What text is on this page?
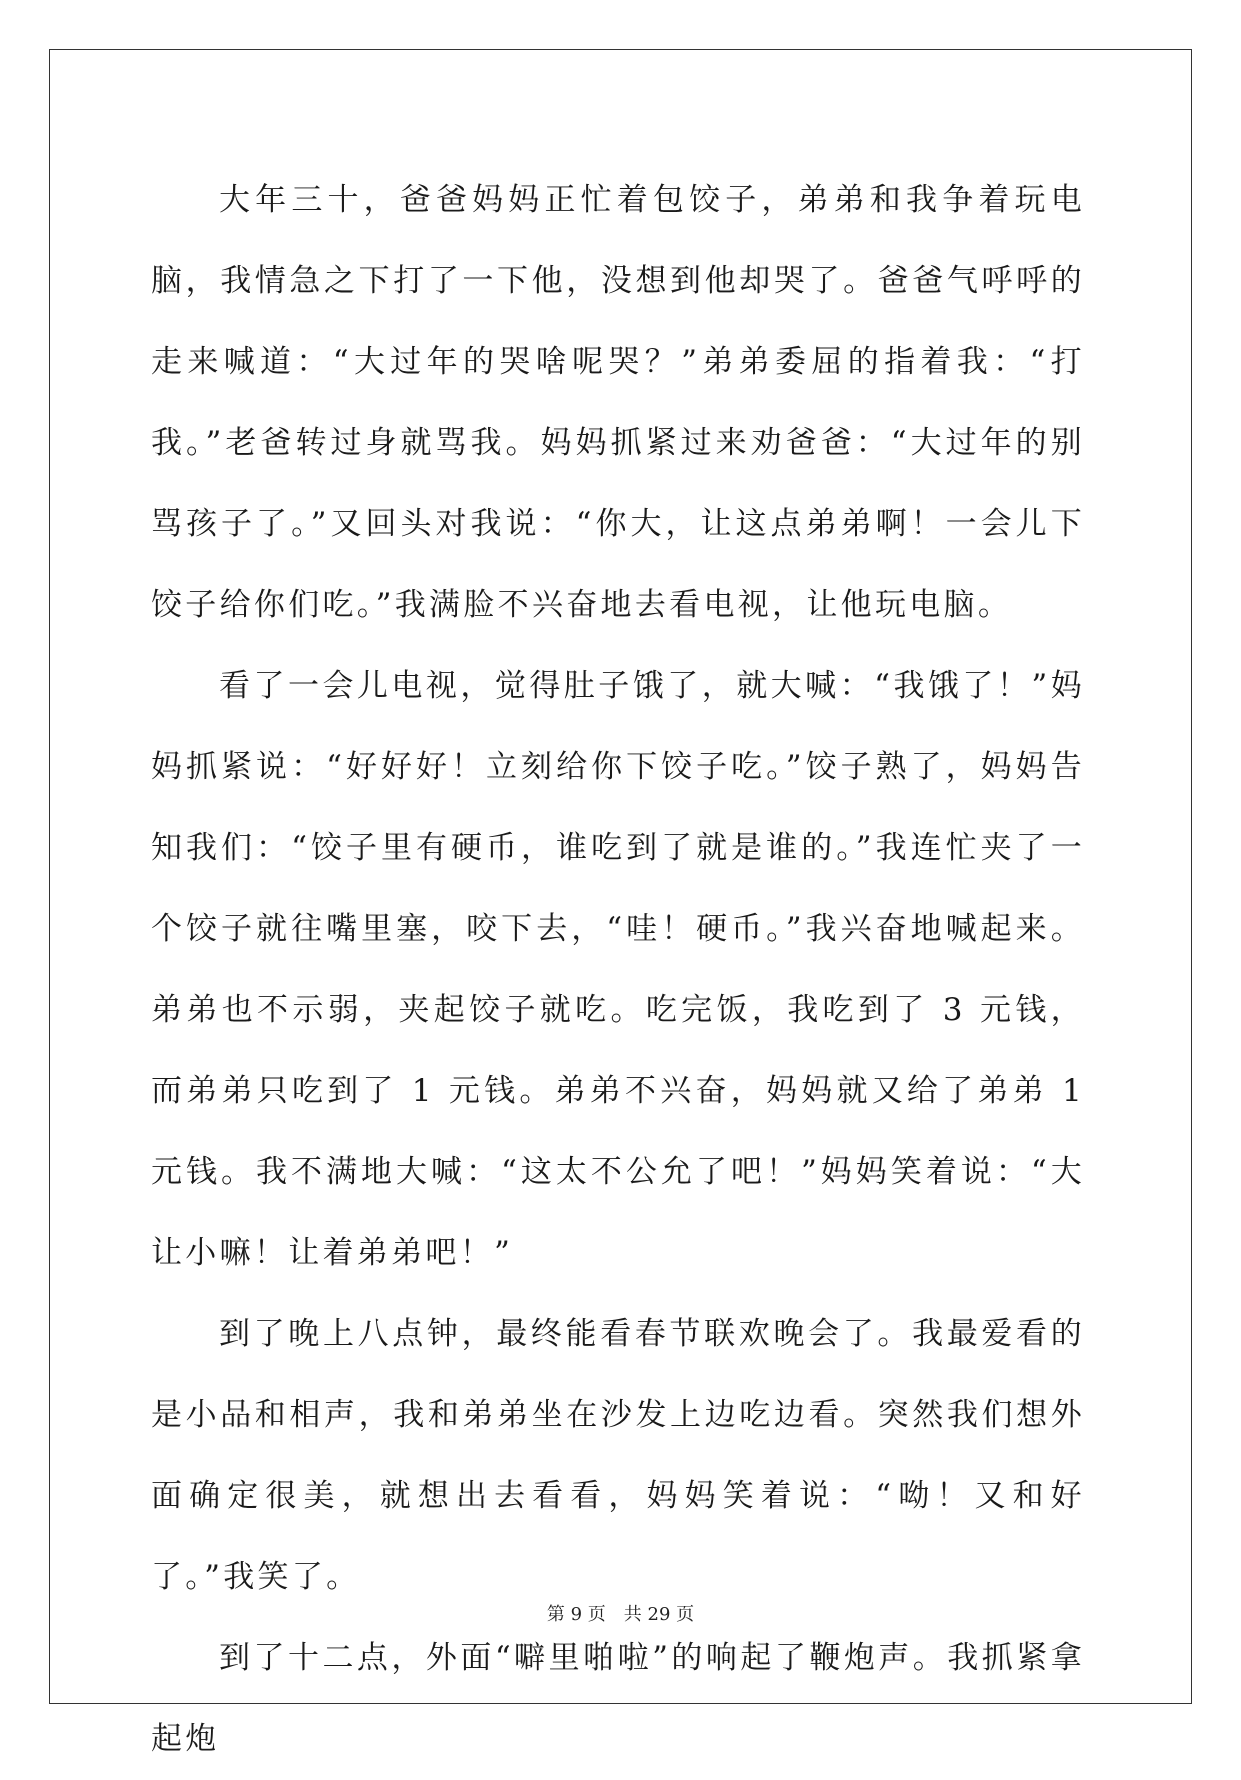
大年三十，爸爸妈妈正忙着包饺子，弟弟和我争着玩电脑，我情急之下打了一下他，没想到他却哭了。爸爸气呼呼的走来喊道：“大过年的哭啥呢哭？”弟弟委屈的指着我：“打我。”老爸转过身就骂我。妈妈抓紧过来劝爸爸：“大过年的别骂孩子了。”又回头对我说：“你大，让这点弟弟啊！一会儿下饺子给你们吃。”我满脸不兴奋地去看电视，让他玩电脑。

看了一会儿电视，觉得肚子饿了，就大喊：“我饿了！”妈妈抓紧说：“好好好！立刻给你下饺子吃。”饺子熟了，妈妈告知我们：“饺子里有硬币，谁吃到了就是谁的。”我连忙夹了一个饺子就往嘴里塞，咬下去，“哇！硬币。”我兴奋地喊起来。弟弟也不示弱，夹起饺子就吃。吃完饭，我吃到了 3 元钱，而弟弟只吃到了 1 元钱。弟弟不兴奋，妈妈就又给了弟弟 1 元钱。我不满地大喊：“这太不公允了吧！”妈妈笑着说：“大让小嘛！让着弟弟吧！”

到了晚上八点钟，最终能看春节联欢晚会了。我最爱看的是小品和相声，我和弟弟坐在沙发上边吃边看。突然我们想外面确定很美，就想出去看看，妈妈笑着说：“呦！又和好了。”我笑了。

到了十二点，外面“噼里啪啦”的响起了鞭炮声。我抓紧拿起炮

第 9 页　共 29 页
